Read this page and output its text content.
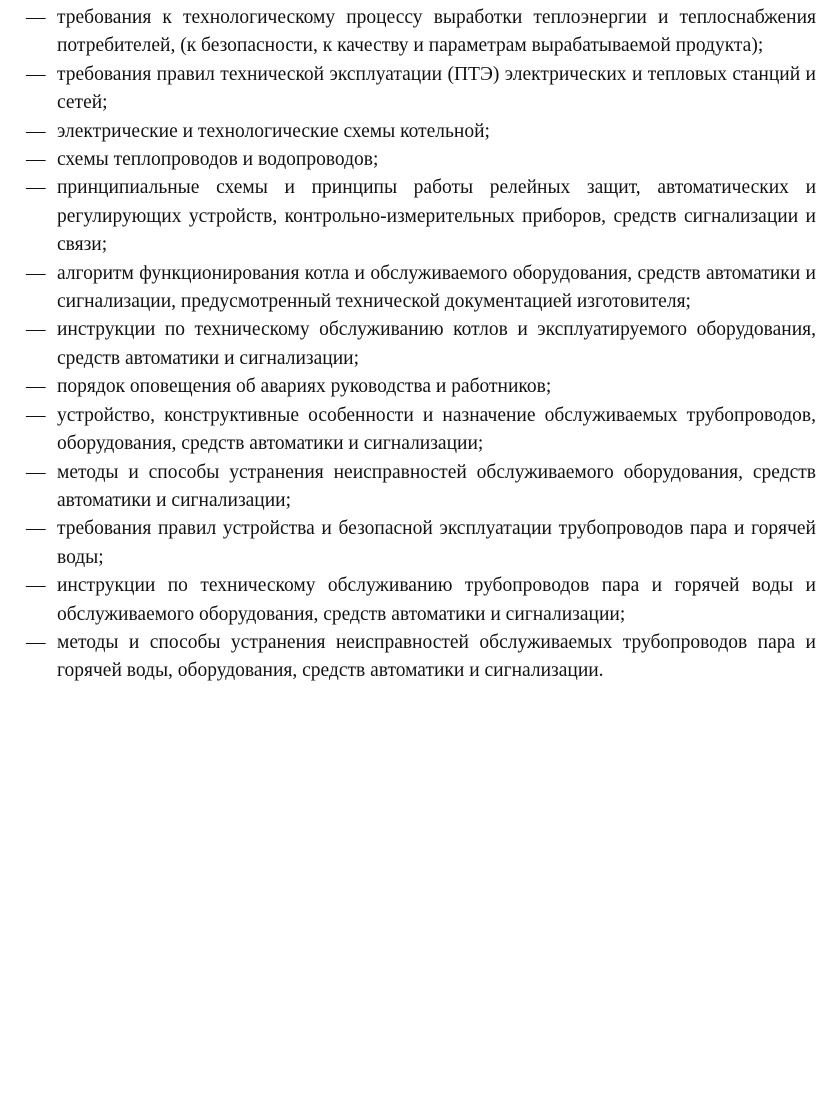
— требования к технологическому процессу выработки теплоэнергии и теплоснабжения потребителей, (к безопасности, к качеству и параметрам вырабатываемой продукта);
— требования правил технической эксплуатации (ПТЭ) электрических и тепловых станций и сетей;
— электрические и технологические схемы котельной;
— схемы теплопроводов и водопроводов;
— принципиальные схемы и принципы работы релейных защит, автоматических и регулирующих устройств, контрольно-измерительных приборов, средств сигнализации и связи;
— алгоритм функционирования котла и обслуживаемого оборудования, средств автоматики и сигнализации, предусмотренный технической документацией изготовителя;
— инструкции по техническому обслуживанию котлов и эксплуатируемого оборудования, средств автоматики и сигнализации;
— порядок оповещения об авариях руководства и работников;
— устройство, конструктивные особенности и назначение обслуживаемых трубопроводов, оборудования, средств автоматики и сигнализации;
— методы и способы устранения неисправностей обслуживаемого оборудования, средств автоматики и сигнализации;
— требования правил устройства и безопасной эксплуатации трубопроводов пара и горячей воды;
— инструкции по техническому обслуживанию трубопроводов пара и горячей воды и обслуживаемого оборудования, средств автоматики и сигнализации;
— методы и способы устранения неисправностей обслуживаемых трубопроводов пара и горячей воды, оборудования, средств автоматики и сигнализации.
